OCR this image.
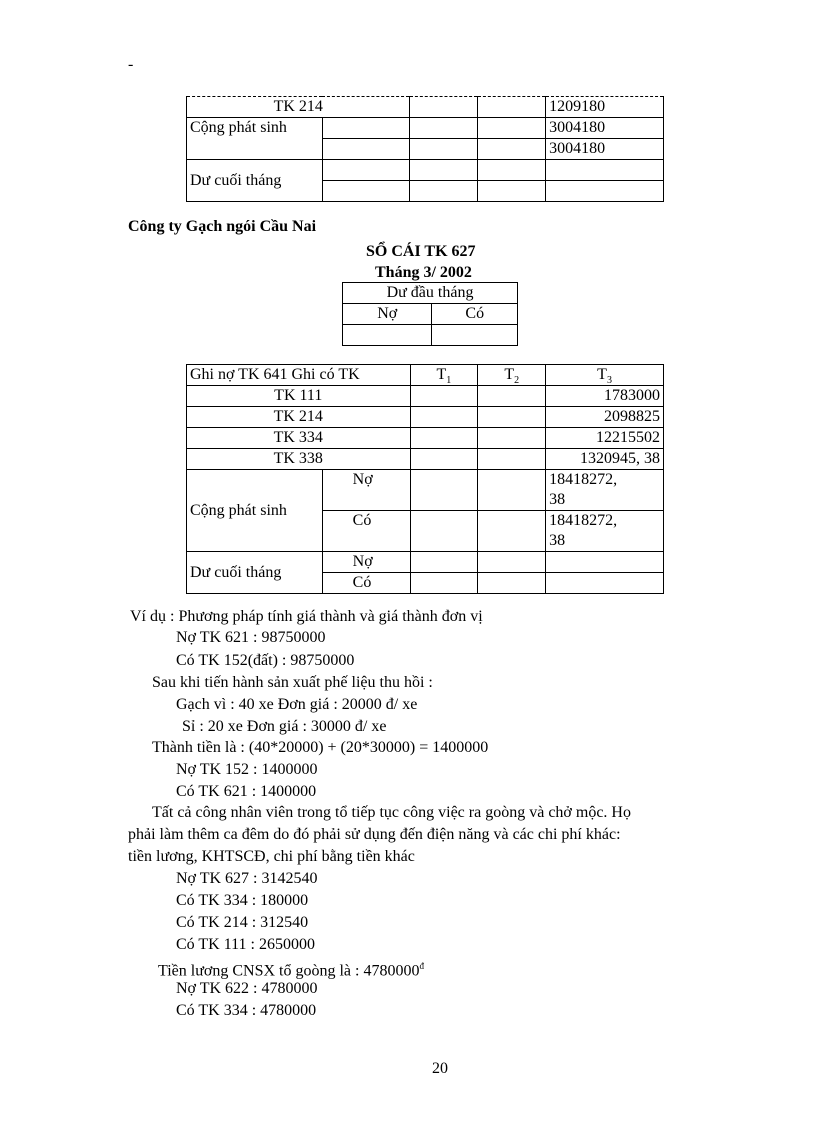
-
TK 214				1209180
Cộng phát sinh				3004180
				3004180
Dư cuối tháng				

Công ty Gạch ngói Cầu Nai
SỔ CÁI TK 627
Tháng 3/ 2002
Dư đầu tháng	
Nợ	Có

Ghi nợ TK 641 Ghi có TK		$T_1$	$T_2$	$T_3$
TK 111				1783000
TK 214				2098825
TK 334				12215502
TK 338				1320945, 38
Cộng phát sinh	Nợ			18418272,
38

	Có			18418272,
38

Dư cuối tháng	Nợ			
	Có			
Ví dụ : Phương pháp tính giá thành và giá thành đơn vị
Nợ TK 621 : 98750000
Có TK 152(đất) : 98750000
Sau khi tiến hành sản xuất phế liệu thu hồi :
Gạch vì : 40 xe Đơn giá : 20000 đ/ xe
Sỉ : 20 xe Đơn giá : 30000 đ/ xe
Thành tiền là : (40*20000) + (20*30000) = 1400000
Nợ TK 152 : 1400000
Có TK 621 : 1400000
Tất cả công nhân viên trong tổ tiếp tục công việc ra goòng và chở mộc. Họ
phải làm thêm ca đêm do đó phải sử dụng đến điện năng và các chi phí khác:
tiền lương, KHTSCĐ, chi phí bằng tiền khác
Nợ TK 627 : 3142540
Có TK 334 : 180000
Có TK 214 : 312540
Có TK 111 : 2650000
Tiền lương CNSX tổ goòng là : $4780000^đ$
Nợ TK 622 : 4780000
Có TK 334 : 4780000
20
